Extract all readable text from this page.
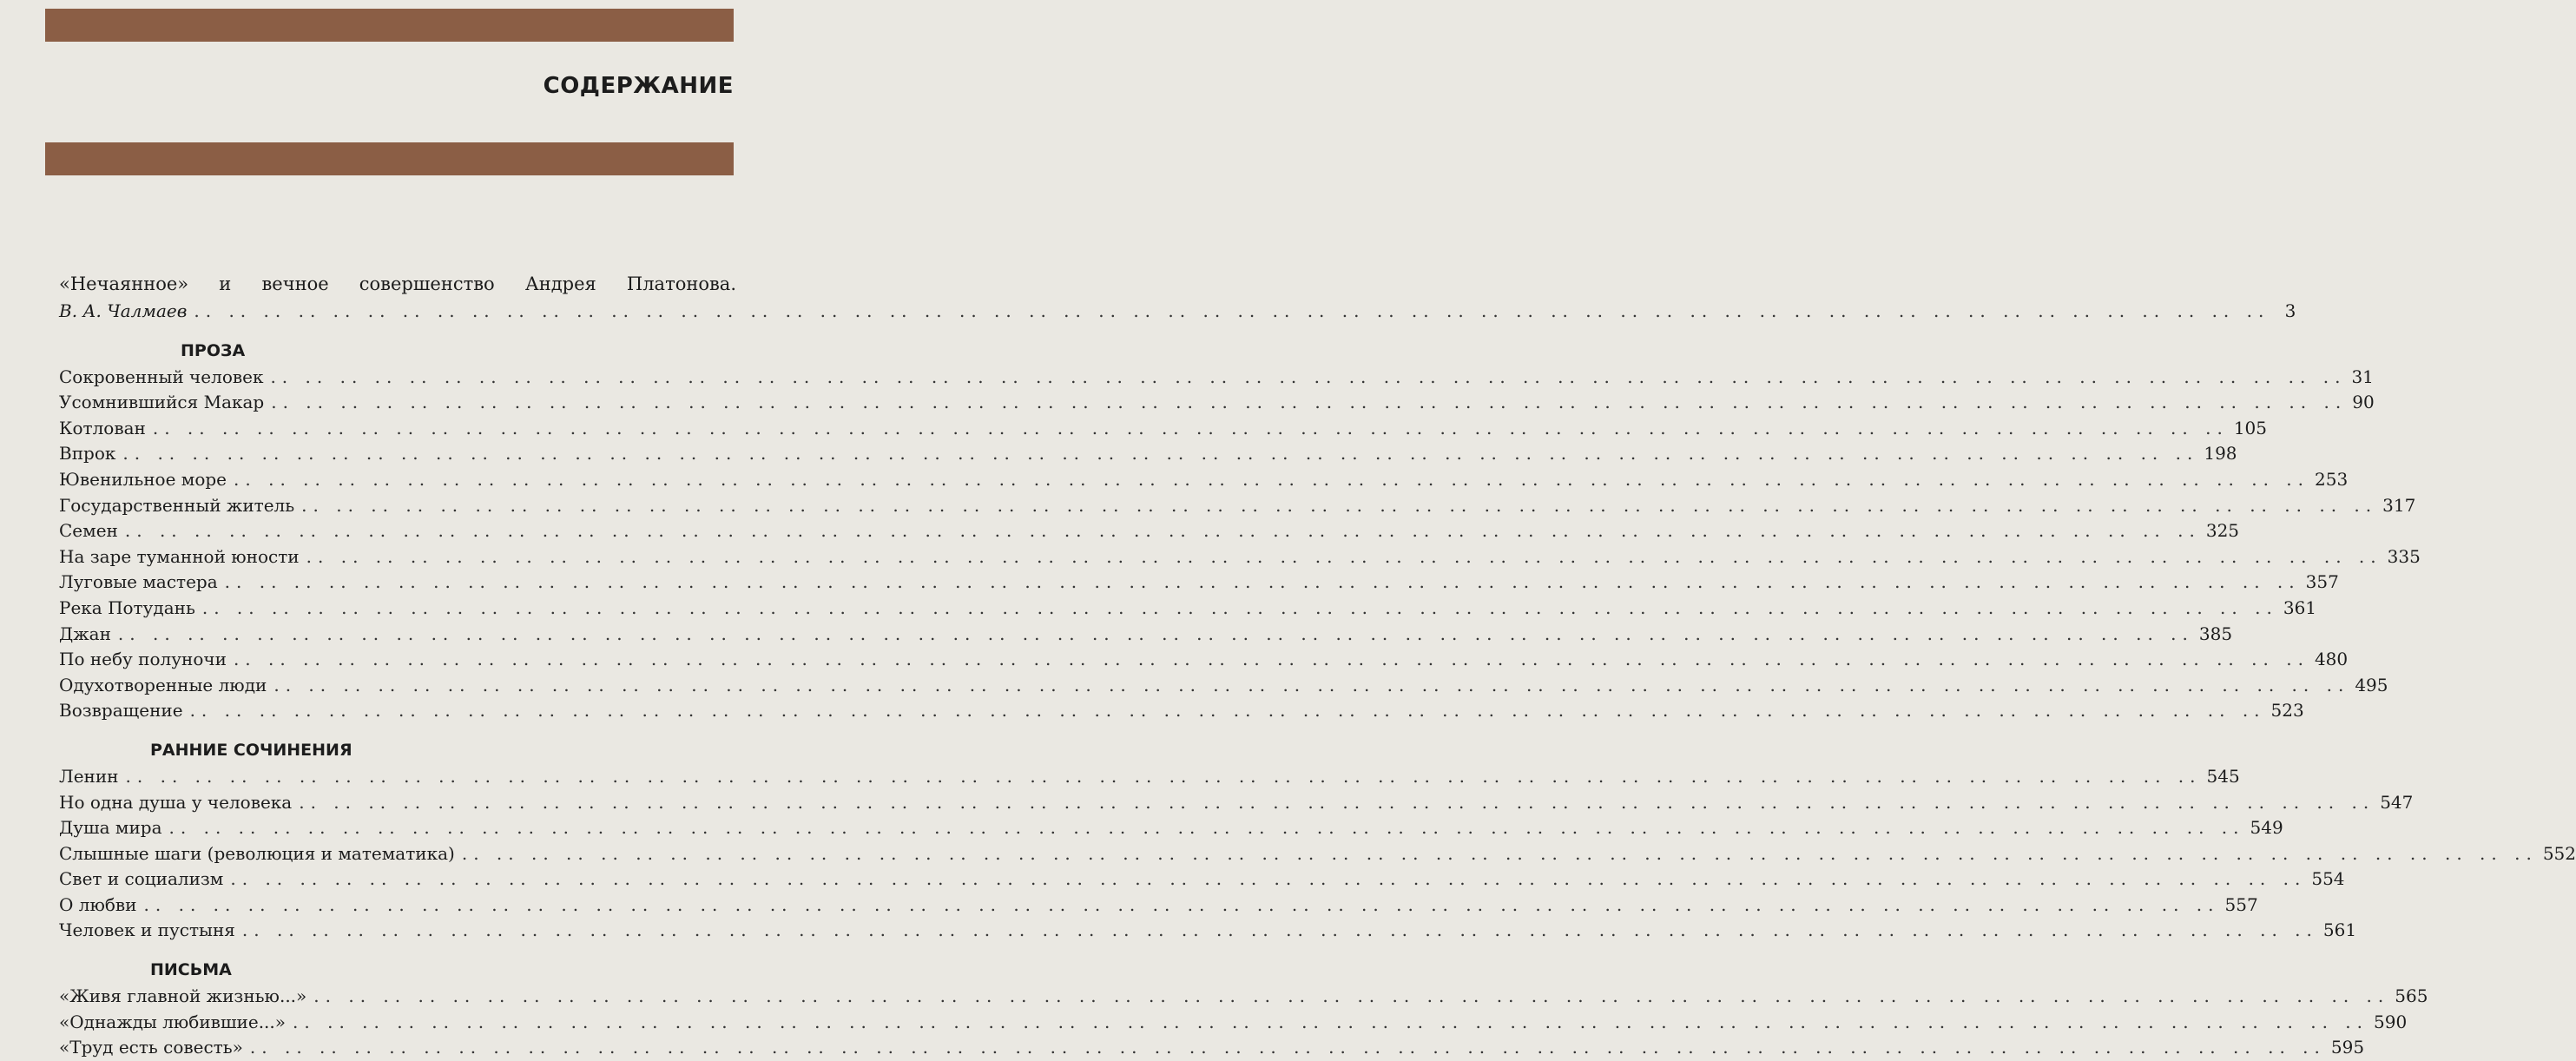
СОДЕРЖАНИЕ
«Нечаянное» и вечное совершенство Андрея Платонова.
В. А. Чалмаев .. .. .. .. .. .. .. .. .. .. .. .. .. .. .. .. .. .. .. .. .. .. .. .. .. .. .. .. .. .. .. .. .. .. .. .. .. .. .. .. .. .. .. .. .. .. .. .. .. .. .. .. .. .. .. .. .. .. .. .. 3
ПРОЗА
Сокровенный человек .. .. .. .. .. .. .. .. .. .. .. .. .. .. .. .. .. .. .. .. .. .. .. .. .. .. .. .. .. .. .. .. .. .. .. .. .. .. .. .. .. .. .. .. .. .. .. .. .. .. .. .. .. .. .. .. .. .. .. .. 31
Усомнившийся Макар .. .. .. .. .. .. .. .. .. .. .. .. .. .. .. .. .. .. .. .. .. .. .. .. .. .. .. .. .. .. .. .. .. .. .. .. .. .. .. .. .. .. .. .. .. .. .. .. .. .. .. .. .. .. .. .. .. .. .. .. 90
Котлован .. .. .. .. .. .. .. .. .. .. .. .. .. .. .. .. .. .. .. .. .. .. .. .. .. .. .. .. .. .. .. .. .. .. .. .. .. .. .. .. .. .. .. .. .. .. .. .. .. .. .. .. .. .. .. .. .. .. .. .. 105
Впрок .. .. .. .. .. .. .. .. .. .. .. .. .. .. .. .. .. .. .. .. .. .. .. .. .. .. .. .. .. .. .. .. .. .. .. .. .. .. .. .. .. .. .. .. .. .. .. .. .. .. .. .. .. .. .. .. .. .. .. .. 198
Ювенильное море .. .. .. .. .. .. .. .. .. .. .. .. .. .. .. .. .. .. .. .. .. .. .. .. .. .. .. .. .. .. .. .. .. .. .. .. .. .. .. .. .. .. .. .. .. .. .. .. .. .. .. .. .. .. .. .. .. .. .. .. 253
Государственный житель .. .. .. .. .. .. .. .. .. .. .. .. .. .. .. .. .. .. .. .. .. .. .. .. .. .. .. .. .. .. .. .. .. .. .. .. .. .. .. .. .. .. .. .. .. .. .. .. .. .. .. .. .. .. .. .. .. .. .. .. 317
Семен .. .. .. .. .. .. .. .. .. .. .. .. .. .. .. .. .. .. .. .. .. .. .. .. .. .. .. .. .. .. .. .. .. .. .. .. .. .. .. .. .. .. .. .. .. .. .. .. .. .. .. .. .. .. .. .. .. .. .. .. 325
На заре туманной юности .. .. .. .. .. .. .. .. .. .. .. .. .. .. .. .. .. .. .. .. .. .. .. .. .. .. .. .. .. .. .. .. .. .. .. .. .. .. .. .. .. .. .. .. .. .. .. .. .. .. .. .. .. .. .. .. .. .. .. .. 335
Луговые мастера .. .. .. .. .. .. .. .. .. .. .. .. .. .. .. .. .. .. .. .. .. .. .. .. .. .. .. .. .. .. .. .. .. .. .. .. .. .. .. .. .. .. .. .. .. .. .. .. .. .. .. .. .. .. .. .. .. .. .. .. 357
Река Потудань .. .. .. .. .. .. .. .. .. .. .. .. .. .. .. .. .. .. .. .. .. .. .. .. .. .. .. .. .. .. .. .. .. .. .. .. .. .. .. .. .. .. .. .. .. .. .. .. .. .. .. .. .. .. .. .. .. .. .. .. 361
Джан .. .. .. .. .. .. .. .. .. .. .. .. .. .. .. .. .. .. .. .. .. .. .. .. .. .. .. .. .. .. .. .. .. .. .. .. .. .. .. .. .. .. .. .. .. .. .. .. .. .. .. .. .. .. .. .. .. .. .. .. 385
По небу полуночи .. .. .. .. .. .. .. .. .. .. .. .. .. .. .. .. .. .. .. .. .. .. .. .. .. .. .. .. .. .. .. .. .. .. .. .. .. .. .. .. .. .. .. .. .. .. .. .. .. .. .. .. .. .. .. .. .. .. .. .. 480
Одухотворенные люди .. .. .. .. .. .. .. .. .. .. .. .. .. .. .. .. .. .. .. .. .. .. .. .. .. .. .. .. .. .. .. .. .. .. .. .. .. .. .. .. .. .. .. .. .. .. .. .. .. .. .. .. .. .. .. .. .. .. .. .. 495
Возвращение .. .. .. .. .. .. .. .. .. .. .. .. .. .. .. .. .. .. .. .. .. .. .. .. .. .. .. .. .. .. .. .. .. .. .. .. .. .. .. .. .. .. .. .. .. .. .. .. .. .. .. .. .. .. .. .. .. .. .. .. 523
РАННИЕ СОЧИНЕНИЯ
Ленин .. .. .. .. .. .. .. .. .. .. .. .. .. .. .. .. .. .. .. .. .. .. .. .. .. .. .. .. .. .. .. .. .. .. .. .. .. .. .. .. .. .. .. .. .. .. .. .. .. .. .. .. .. .. .. .. .. .. .. .. 545
Но одна душа у человека .. .. .. .. .. .. .. .. .. .. .. .. .. .. .. .. .. .. .. .. .. .. .. .. .. .. .. .. .. .. .. .. .. .. .. .. .. .. .. .. .. .. .. .. .. .. .. .. .. .. .. .. .. .. .. .. .. .. .. .. 547
Душа мира .. .. .. .. .. .. .. .. .. .. .. .. .. .. .. .. .. .. .. .. .. .. .. .. .. .. .. .. .. .. .. .. .. .. .. .. .. .. .. .. .. .. .. .. .. .. .. .. .. .. .. .. .. .. .. .. .. .. .. .. 549
Слышные шаги (революция и математика) .. .. .. .. .. .. .. .. .. .. .. .. .. .. .. .. .. .. .. .. .. .. .. .. .. .. .. .. .. .. .. .. .. .. .. .. .. .. .. .. .. .. .. .. .. .. .. .. .. .. .. .. .. .. .. .. .. .. .. .. 552
Свет и социализм .. .. .. .. .. .. .. .. .. .. .. .. .. .. .. .. .. .. .. .. .. .. .. .. .. .. .. .. .. .. .. .. .. .. .. .. .. .. .. .. .. .. .. .. .. .. .. .. .. .. .. .. .. .. .. .. .. .. .. .. 554
О любви .. .. .. .. .. .. .. .. .. .. .. .. .. .. .. .. .. .. .. .. .. .. .. .. .. .. .. .. .. .. .. .. .. .. .. .. .. .. .. .. .. .. .. .. .. .. .. .. .. .. .. .. .. .. .. .. .. .. .. .. 557
Человек и пустыня .. .. .. .. .. .. .. .. .. .. .. .. .. .. .. .. .. .. .. .. .. .. .. .. .. .. .. .. .. .. .. .. .. .. .. .. .. .. .. .. .. .. .. .. .. .. .. .. .. .. .. .. .. .. .. .. .. .. .. .. 561
ПИСЬМА
«Живя главной жизнью...» .. .. .. .. .. .. .. .. .. .. .. .. .. .. .. .. .. .. .. .. .. .. .. .. .. .. .. .. .. .. .. .. .. .. .. .. .. .. .. .. .. .. .. .. .. .. .. .. .. .. .. .. .. .. .. .. .. .. .. .. 565
«Однажды любившие...» .. .. .. .. .. .. .. .. .. .. .. .. .. .. .. .. .. .. .. .. .. .. .. .. .. .. .. .. .. .. .. .. .. .. .. .. .. .. .. .. .. .. .. .. .. .. .. .. .. .. .. .. .. .. .. .. .. .. .. .. 590
«Труд есть совесть» .. .. .. .. .. .. .. .. .. .. .. .. .. .. .. .. .. .. .. .. .. .. .. .. .. .. .. .. .. .. .. .. .. .. .. .. .. .. .. .. .. .. .. .. .. .. .. .. .. .. .. .. .. .. .. .. .. .. .. .. 595
